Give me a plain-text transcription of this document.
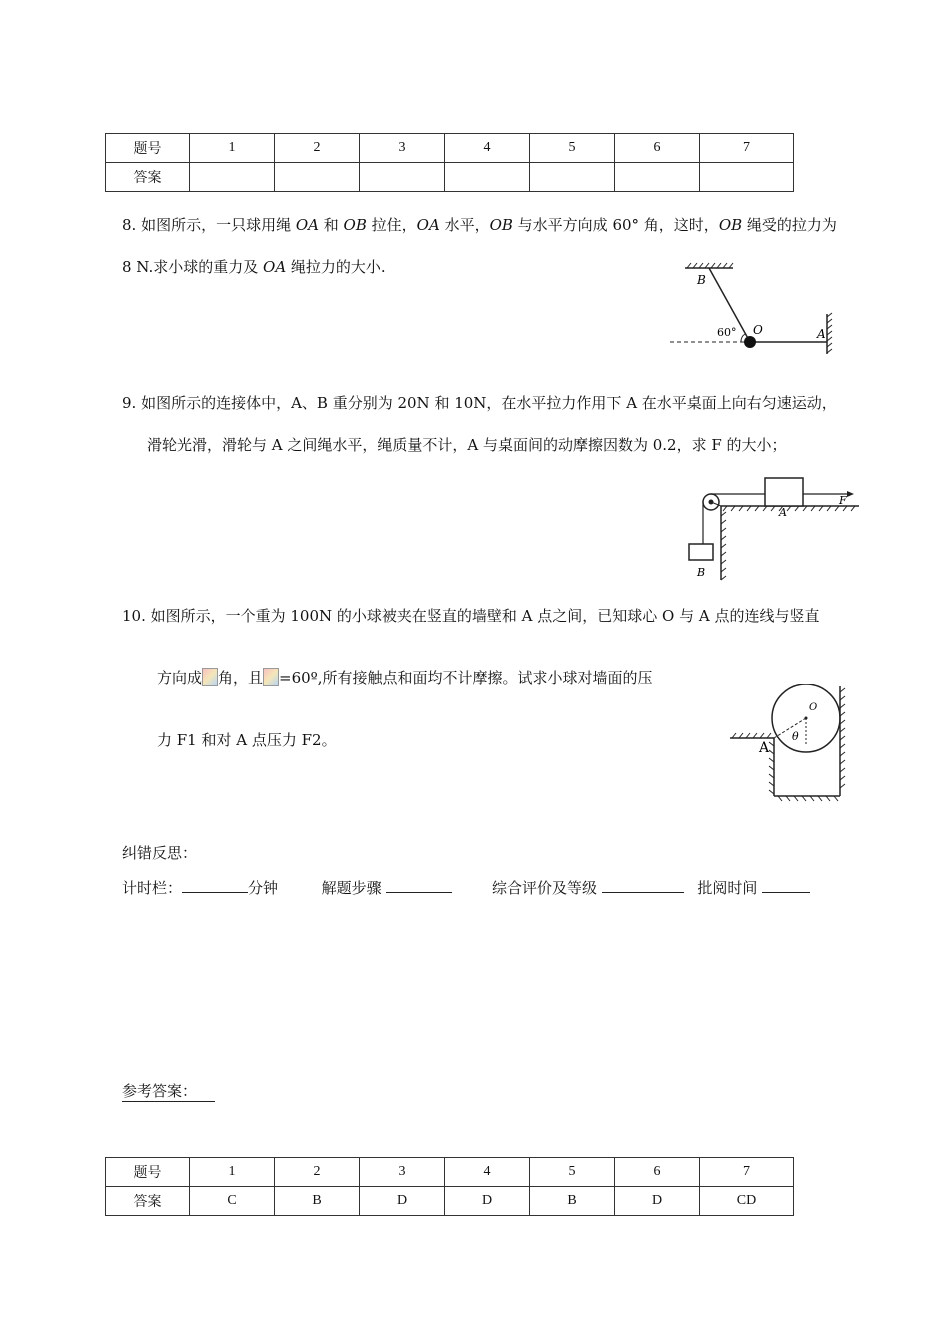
题号	1	2	3	4	5	6	7
答案							
8. 如图所示，一只球用绳 OA 和 OB 拉住，OA 水平，OB 与水平方向成 60° 角，这时，OB 绳受的拉力为
8 N.求小球的重力及 OA 绳拉力的大小.
B
O	A
60°
9. 如图所示的连接体中，A、B 重分别为 20N 和 10N，在水平拉力作用下 A 在水平桌面上向右匀速运动，
滑轮光滑，滑轮与 A 之间绳水平，绳质量不计，A 与桌面间的动摩擦因数为 0.2，求 F 的大小；
A
B
F
10. 如图所示，一个重为 100N 的小球被夹在竖直的墙壁和 A 点之间，已知球心 O 与 A 点的连线与竖直
方向成 角，且 =60º,所有接触点和面均不计摩擦。试求小球对墙面的压
力 F1 和对 A 点压力 F2。
O
θ
A
纠错反思：
计时栏：	分钟	解题步骤	综合评价及等级	批阅时间
参考答案：
题号	1	2	3	4	5	6	7
答案	C	B	D	D	B	D	CD
